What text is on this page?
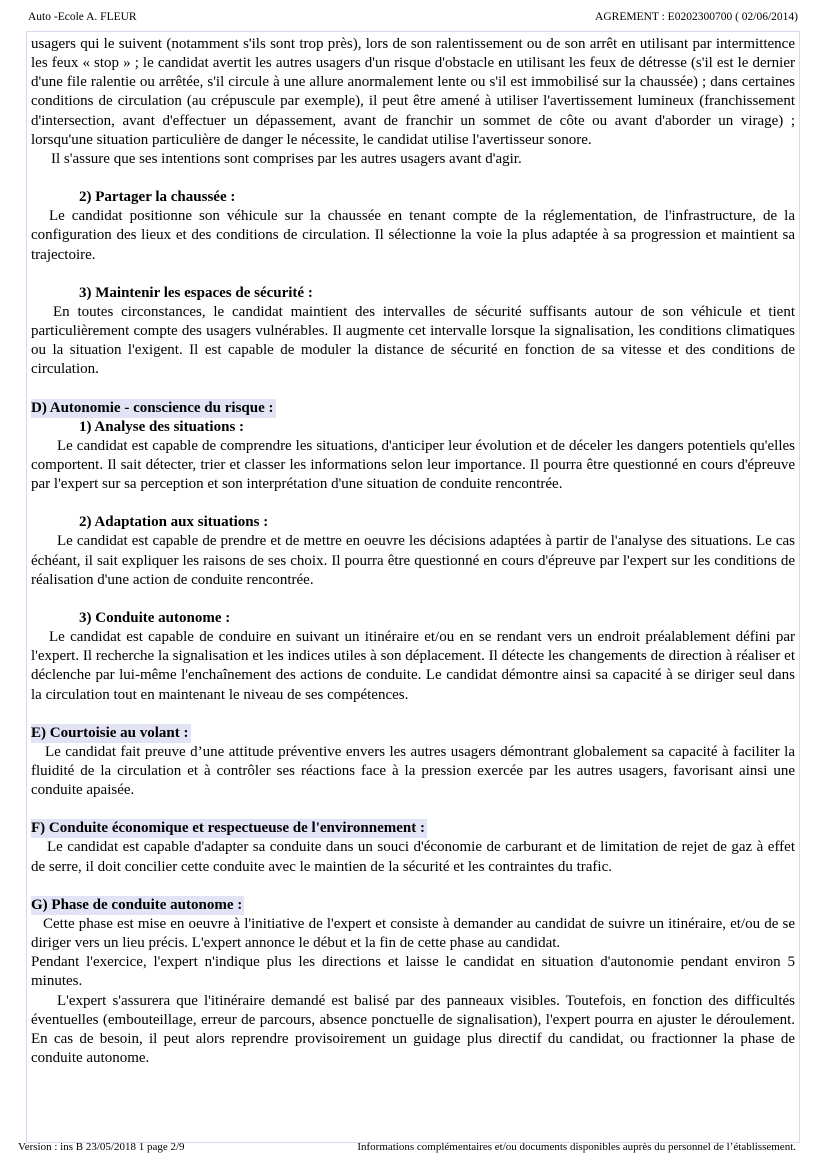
Auto -Ecole A. FLEUR	AGREMENT : E0202300700 ( 02/06/2014)

usagers qui le suivent (notamment s'ils sont trop près), lors de son ralentissement ou de son arrêt en utilisant par intermittence les feux « stop » ; le candidat avertit les autres usagers d'un risque d'obstacle en utilisant les feux de détresse (s'il est le dernier d'une file ralentie ou arrêtée, s'il circule à une allure anormalement lente ou s'il est immobilisé sur la chaussée) ; dans certaines conditions de circulation (au crépuscule par exemple), il peut être amené à utiliser l'avertissement lumineux (franchissement d'intersection, avant d'effectuer un dépassement, avant de franchir un sommet de côte ou avant d'aborder un virage) ; lorsqu'une situation particulière de danger le nécessite, le candidat utilise l'avertisseur sonore.

Il s'assure que ses intentions sont comprises par les autres usagers avant d'agir.

2) Partager la chaussée :

Le candidat positionne son véhicule sur la chaussée en tenant compte de la réglementation, de l'infrastructure, de la configuration des lieux et des conditions de circulation. Il sélectionne la voie la plus adaptée à sa progression et maintient sa trajectoire.

3) Maintenir les espaces de sécurité :

En toutes circonstances, le candidat maintient des intervalles de sécurité suffisants autour de son véhicule et tient particulièrement compte des usagers vulnérables. Il augmente cet intervalle lorsque la signalisation, les conditions climatiques ou la situation l'exigent. Il est capable de moduler la distance de sécurité en fonction de sa vitesse et des conditions de circulation.

D) Autonomie - conscience du risque :

1) Analyse des situations :

Le candidat est capable de comprendre les situations, d'anticiper leur évolution et de déceler les dangers potentiels qu'elles comportent. Il sait détecter, trier et classer les informations selon leur importance. Il pourra être questionné en cours d'épreuve par l'expert sur sa perception et son interprétation d'une situation de conduite rencontrée.

2) Adaptation aux situations :

Le candidat est capable de prendre et de mettre en oeuvre les décisions adaptées à partir de l'analyse des situations. Le cas échéant, il sait expliquer les raisons de ses choix. Il pourra être questionné en cours d'épreuve par l'expert sur les conditions de réalisation d'une action de conduite rencontrée.

3) Conduite autonome :

Le candidat est capable de conduire en suivant un itinéraire et/ou en se rendant vers un endroit préalablement défini par l'expert. Il recherche la signalisation et les indices utiles à son déplacement. Il détecte les changements de direction à réaliser et déclenche par lui-même l'enchaînement des actions de conduite. Le candidat démontre ainsi sa capacité à se diriger seul dans la circulation tout en maintenant le niveau de ses compétences.

E) Courtoisie au volant :

Le candidat fait preuve d’une attitude préventive envers les autres usagers démontrant globalement sa capacité à faciliter la fluidité de la circulation et à contrôler ses réactions face à la pression exercée par les autres usagers, favorisant ainsi une conduite apaisée.

F) Conduite économique et respectueuse de l'environnement :

Le candidat est capable d'adapter sa conduite dans un souci d'économie de carburant et de limitation de rejet de gaz à effet de serre, il doit concilier cette conduite avec le maintien de la sécurité et les contraintes du trafic.

G) Phase de conduite autonome :

Cette phase est mise en oeuvre à l'initiative de l'expert et consiste à demander au candidat de suivre un itinéraire, et/ou de se diriger vers un lieu précis. L'expert annonce le début et la fin de cette phase au candidat.

Pendant l'exercice, l'expert n'indique plus les directions et laisse le candidat en situation d'autonomie pendant environ 5 minutes.

L'expert s'assurera que l'itinéraire demandé est balisé par des panneaux visibles. Toutefois, en fonction des difficultés éventuelles (embouteillage, erreur de parcours, absence ponctuelle de signalisation), l'expert pourra en ajuster le déroulement. En cas de besoin, il peut alors reprendre provisoirement un guidage plus directif du candidat, ou fractionner la phase de conduite autonome.

Version : ins B 23/05/2018 1 page 2/9	Informations complémentaires et/ou documents disponibles auprès du personnel de l’établissement.
